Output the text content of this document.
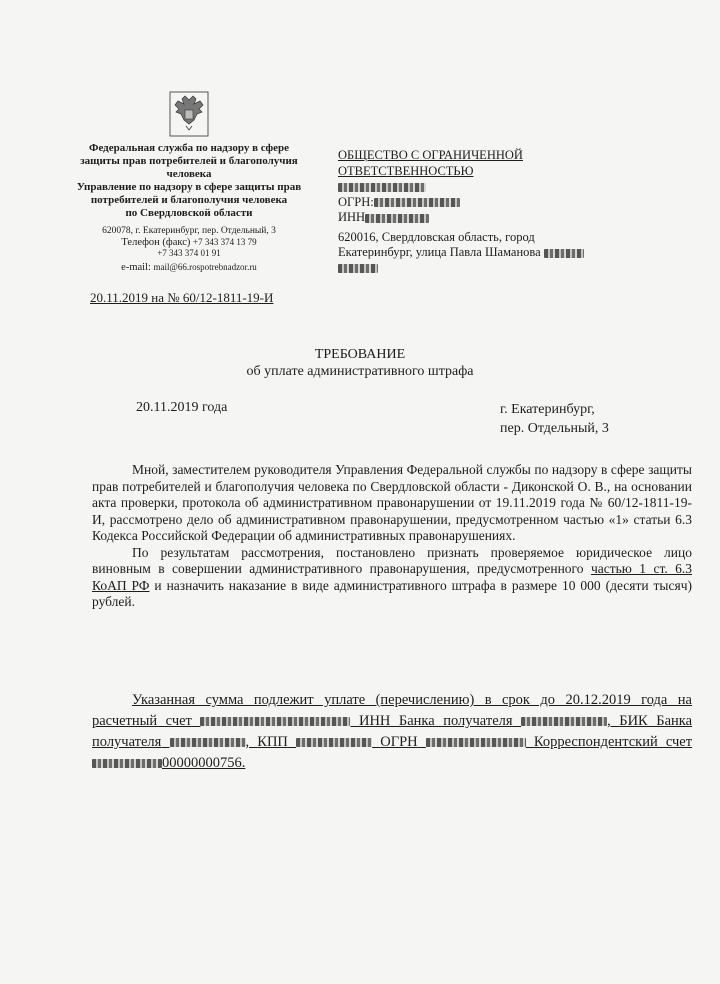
Федеральная служба по надзору в сфере
защиты прав потребителей и благополучия
человека
Управление по надзору в сфере защиты прав
потребителей и благополучия человека
по Свердловской области
620078, г. Екатеринбург, пер. Отдельный, 3
Телефон (факс) +7 343 374 13 79
+7 343 374 01 91
e-mail: mail@66.rospotrebnadzor.ru
20.11.2019 на № 60/12-1811-19-И
ОБЩЕСТВО С ОГРАНИЧЕННОЙ
ОТВЕТСТВЕННОСТЬЮ
ОГРН:
ИНН
620016, Свердловская область, город
Екатеринбург, улица Павла Шаманова
ТРЕБОВАНИЕ
об уплате административного штрафа
20.11.2019 года	г. Екатеринбург,
пер. Отдельный, 3

Мной, заместителем руководителя Управления Федеральной службы по надзору в сфере защиты прав потребителей и благополучия человека по Свердловской области - Диконской О. В., на основании акта проверки, протокола об административном правонарушении от 19.11.2019 года № 60/12-1811-19-И, рассмотрено дело об административном правонарушении, предусмотренном частью «1» статьи 6.3 Кодекса Российской Федерации об административных правонарушениях.

По результатам рассмотрения, постановлено признать проверяемое юридическое лицо виновным в совершении административного правонарушения, предусмотренного частью 1 ст. 6.3 КоАП РФ и назначить наказание в виде административного штрафа в размере 10 000 (десяти тысяч) рублей.

Указанная сумма подлежит уплате (перечислению) в срок до 20.12.2019 года на расчетный счет	ИНН Банка получателя	, БИК Банка получателя	, КПП	ОГРН	Корреспондентский счет 00000000756.
